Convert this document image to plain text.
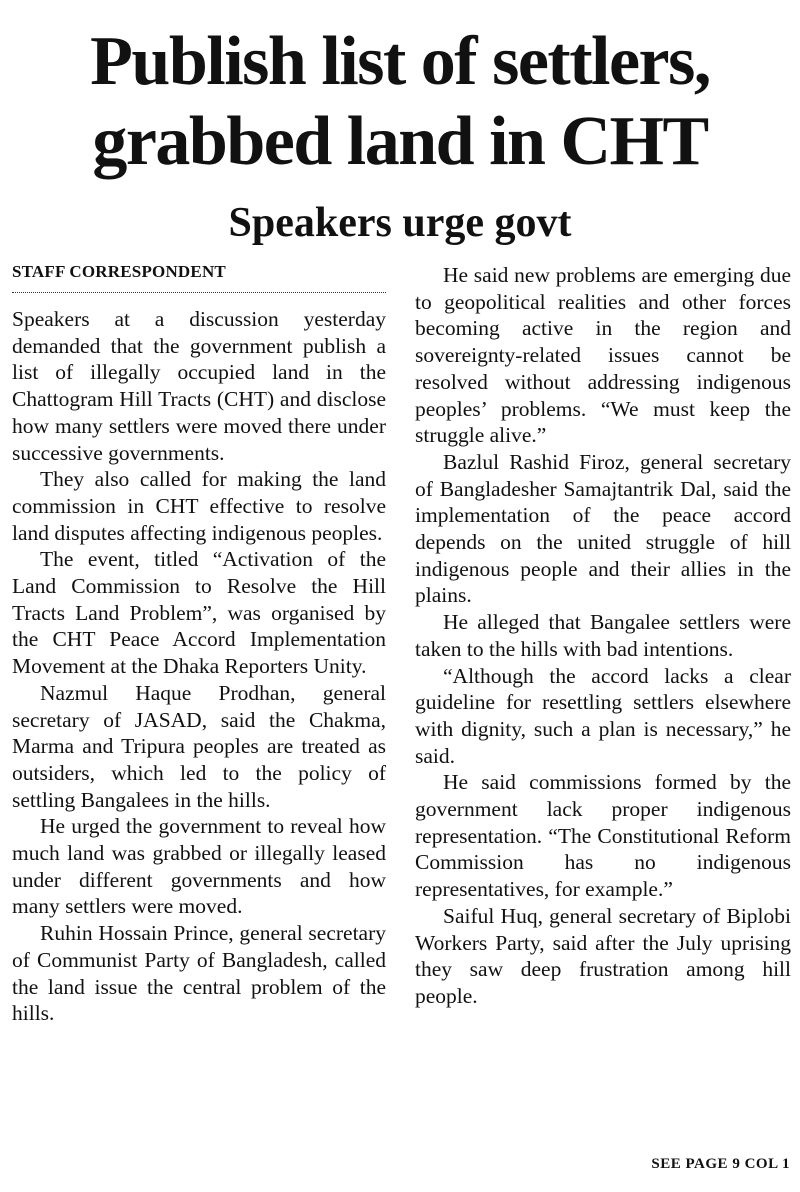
Publish list of settlers,
grabbed land in CHT
Speakers urge govt
STAFF CORRESPONDENT

Speakers at a discussion yesterday demanded that the government publish a list of illegally occupied land in the Chattogram Hill Tracts (CHT) and disclose how many settlers were moved there under successive governments.

They also called for making the land commission in CHT effective to resolve land disputes affecting indigenous peoples.

The event, titled “Activation of the Land Commission to Resolve the Hill Tracts Land Problem”, was organised by the CHT Peace Accord Implementation Movement at the Dhaka Reporters Unity.

Nazmul Haque Prodhan, general secretary of JASAD, said the Chakma, Marma and Tripura peoples are treated as outsiders, which led to the policy of settling Bangalees in the hills.

He urged the government to reveal how much land was grabbed or illegally leased under different governments and how many settlers were moved.

Ruhin Hossain Prince, general secretary of Communist Party of Bangladesh, called the land issue the central problem of the hills.

He said new problems are emerging due to geopolitical realities and other forces becoming active in the region and sovereignty-related issues cannot be resolved without addressing indigenous peoples’ problems. “We must keep the struggle alive.”

Bazlul Rashid Firoz, general secretary of Bangladesher Samajtantrik Dal, said the implementation of the peace accord depends on the united struggle of hill indigenous people and their allies in the plains.

He alleged that Bangalee settlers were taken to the hills with bad intentions.

“Although the accord lacks a clear guideline for resettling settlers elsewhere with dignity, such a plan is necessary,” he said.

He said commissions formed by the government lack proper indigenous representation. “The Constitutional Reform Commission has no indigenous representatives, for example.”

Saiful Huq, general secretary of Biplobi Workers Party, said after the July uprising they saw deep frustration among hill people.

SEE PAGE 9 COL 1
